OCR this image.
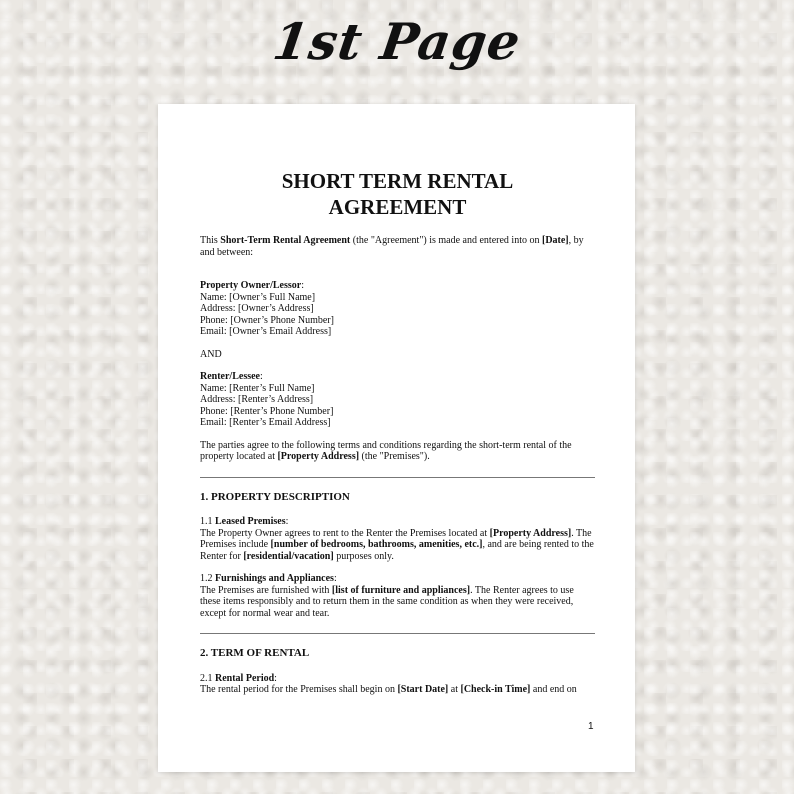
1st Page
SHORT TERM RENTAL
AGREEMENT

This Short-Term Rental Agreement (the "Agreement") is made and entered into on [Date], by and between:

Property Owner/Lessor:
Name: [Owner’s Full Name]
Address: [Owner’s Address]
Phone: [Owner’s Phone Number]
Email: [Owner’s Email Address]

AND

Renter/Lessee:
Name: [Renter’s Full Name]
Address: [Renter’s Address]
Phone: [Renter’s Phone Number]
Email: [Renter’s Email Address]

The parties agree to the following terms and conditions regarding the short-term rental of the property located at [Property Address] (the "Premises").

1. PROPERTY DESCRIPTION
1.1 Leased Premises:
The Property Owner agrees to rent to the Renter the Premises located at [Property Address]. The Premises include [number of bedrooms, bathrooms, amenities, etc.], and are being rented to the Renter for [residential/vacation] purposes only.
1.2 Furnishings and Appliances:
The Premises are furnished with [list of furniture and appliances]. The Renter agrees to use these items responsibly and to return them in the same condition as when they were received, except for normal wear and tear.
2. TERM OF RENTAL
2.1 Rental Period:
The rental period for the Premises shall begin on [Start Date] at [Check-in Time] and end on
1
